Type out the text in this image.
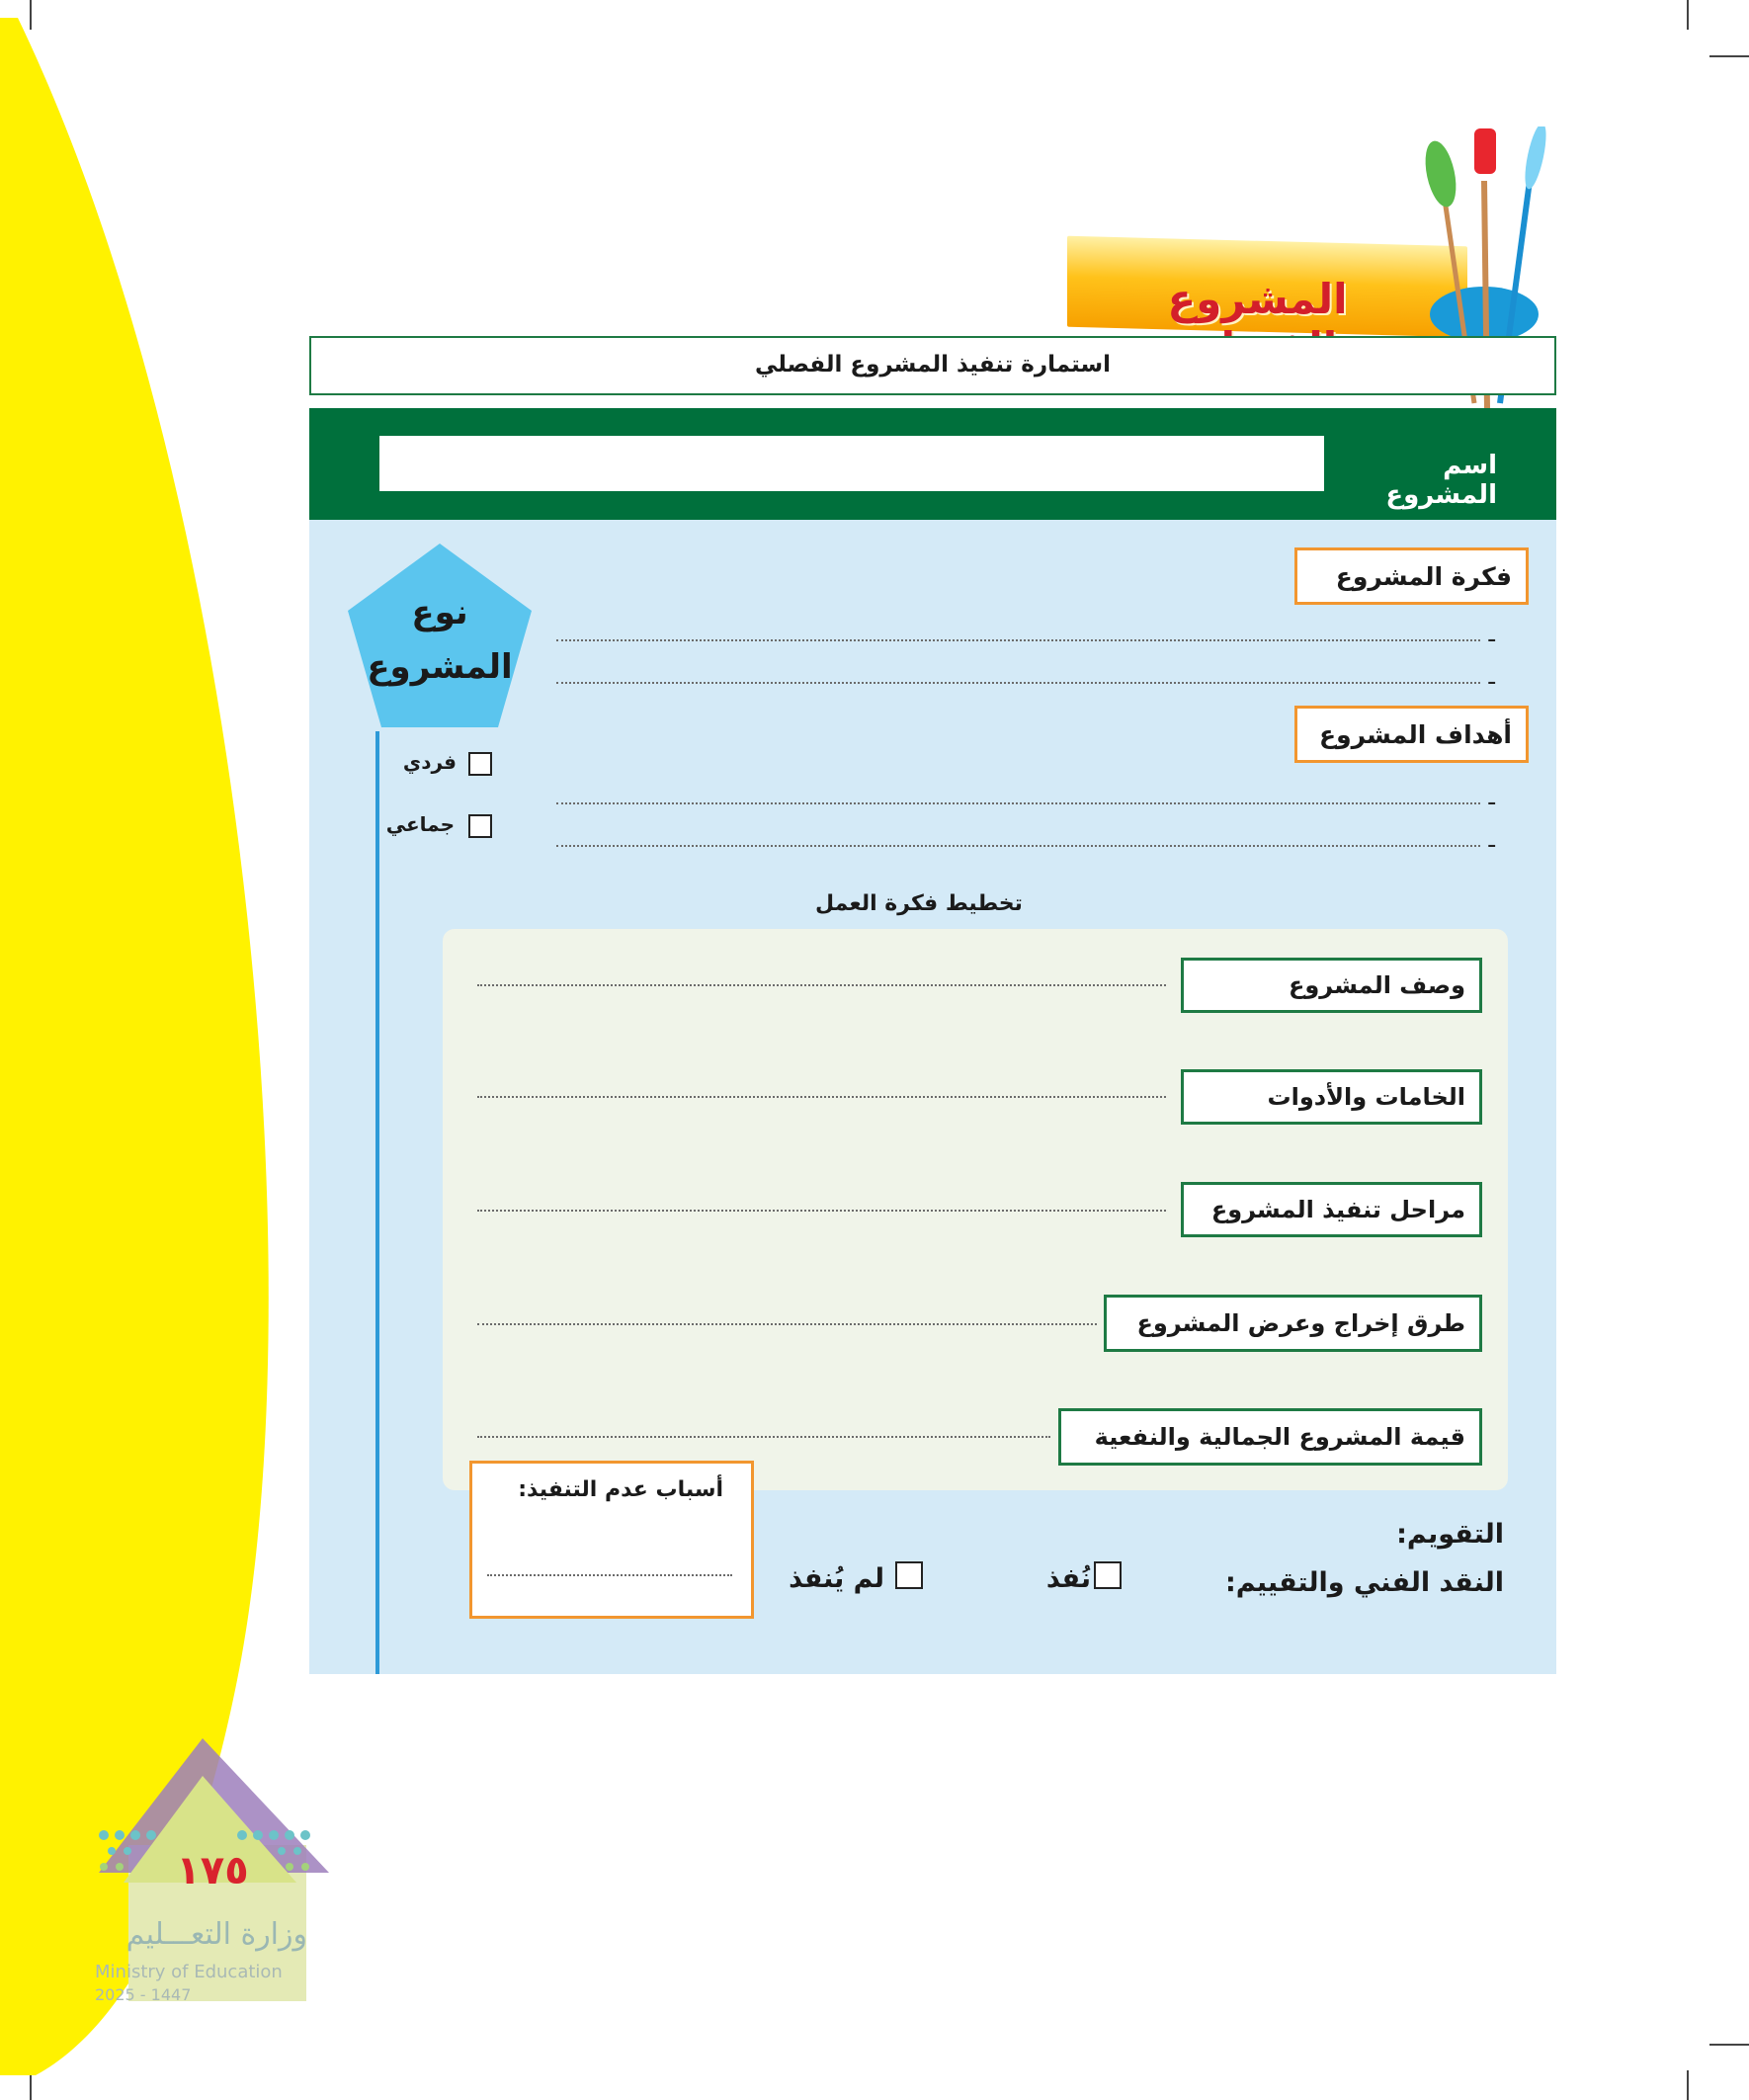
١٧٥
وزارة التعـــليم
Ministry of Education
2025 - 1447
المشروع
استمارة تنفيذ المشروع الفصلي
اسم المشروع
نوع
المشروع
فردي
جماعي
فكرة المشروع
-
-
أهداف المشروع
-
-
تخطيط فكرة العمل
وصف المشروع
الخامات والأدوات
مراحل تنفيذ المشروع
طرق إخراج وعرض المشروع
قيمة المشروع الجمالية والنفعية
التقويم:
النقد الفني والتقييم:
نُفذ
لم يُنفذ
أسباب عدم التنفيذ:
